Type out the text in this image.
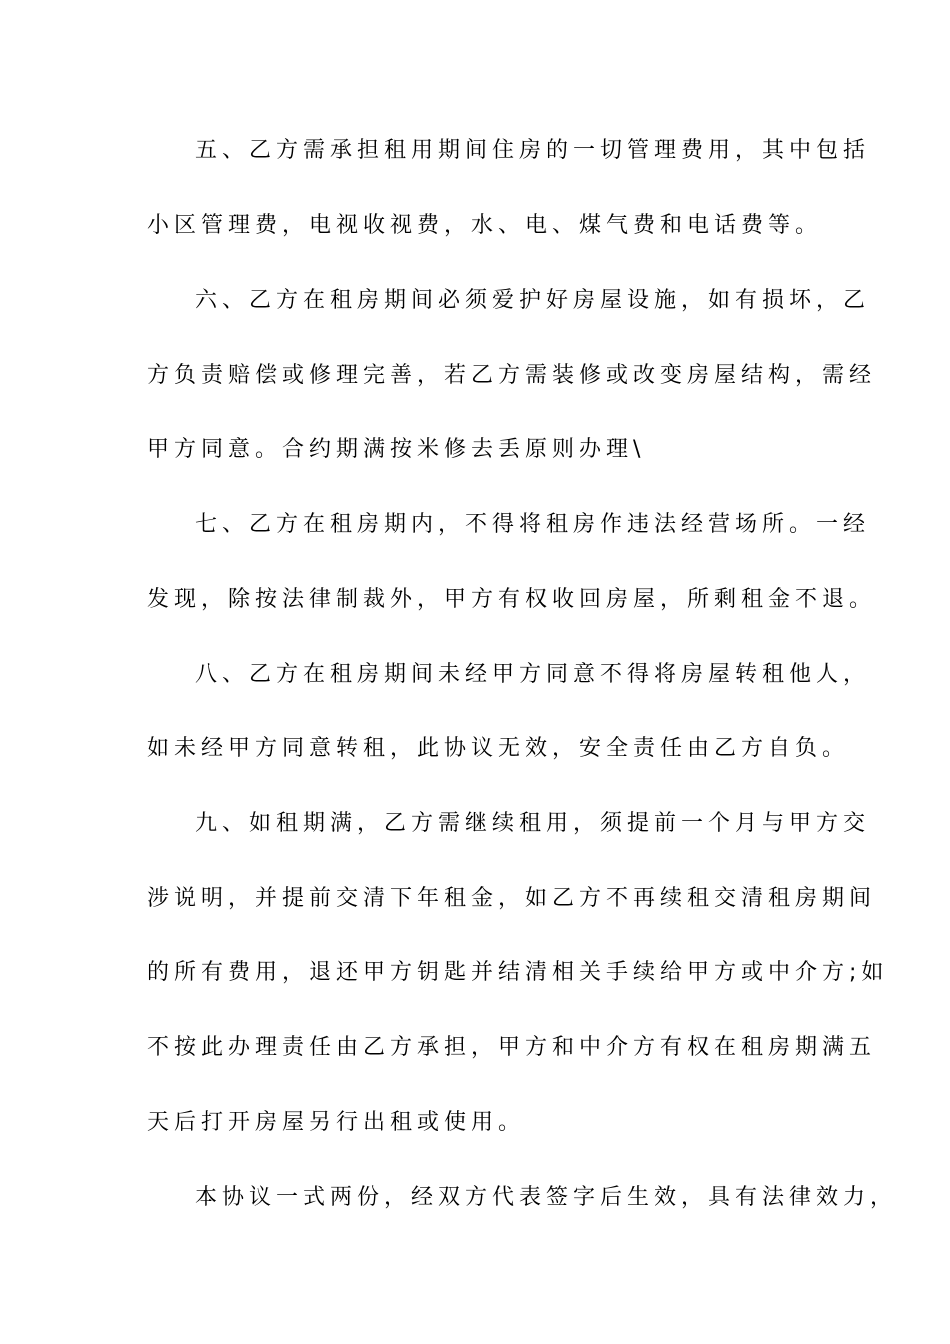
五、乙方需承担租用期间住房的一切管理费用，其中包括
小区管理费，电视收视费，水、电、煤气费和电话费等。
六、乙方在租房期间必须爱护好房屋设施，如有损坏，乙
方负责赔偿或修理完善，若乙方需装修或改变房屋结构，需经
甲方同意。合约期满按米修去丢原则办理\
七、乙方在租房期内，不得将租房作违法经营场所。一经
发现，除按法律制裁外，甲方有权收回房屋，所剩租金不退。
八、乙方在租房期间未经甲方同意不得将房屋转租他人，
如未经甲方同意转租，此协议无效，安全责任由乙方自负。
九、如租期满，乙方需继续租用，须提前一个月与甲方交
涉说明，并提前交清下年租金，如乙方不再续租交清租房期间
的所有费用，退还甲方钥匙并结清相关手续给甲方或中介方;如
不按此办理责任由乙方承担，甲方和中介方有权在租房期满五
天后打开房屋另行出租或使用。
本协议一式两份，经双方代表签字后生效，具有法律效力，
